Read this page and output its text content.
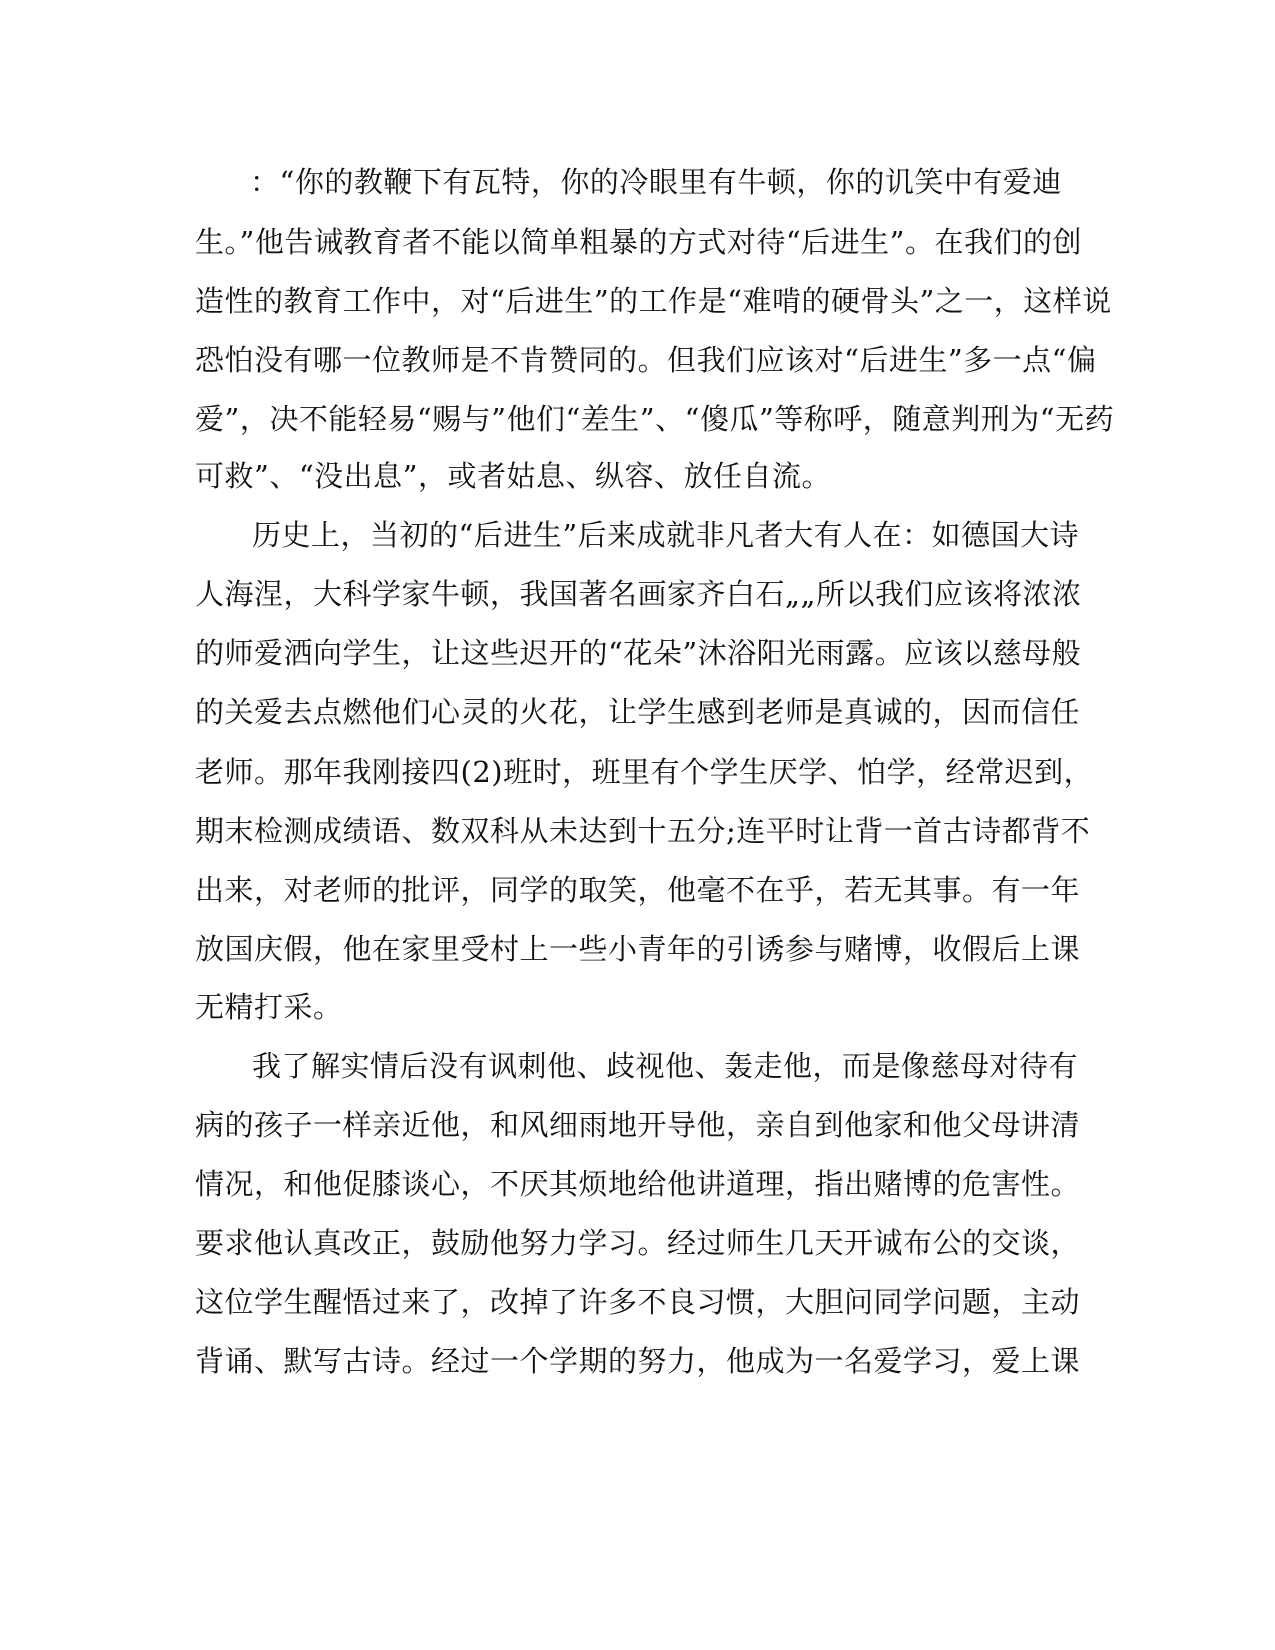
：“你的教鞭下有瓦特，你的冷眼里有牛顿，你的讥笑中有爱迪

生。”他告诫教育者不能以简单粗暴的方式对待“后进生”。在我们的创

造性的教育工作中，对“后进生”的工作是“难啃的硬骨头”之一，这样说

恐怕没有哪一位教师是不肯赞同的。但我们应该对“后进生”多一点“偏

爱”，决不能轻易“赐与”他们“差生”、“傻瓜”等称呼，随意判刑为“无药

可救”、“没出息”，或者姑息、纵容、放任自流。

历史上，当初的“后进生”后来成就非凡者大有人在：如德国大诗

人海涅，大科学家牛顿，我国著名画家齐白石„„所以我们应该将浓浓

的师爱洒向学生，让这些迟开的“花朵”沐浴阳光雨露。应该以慈母般

的关爱去点燃他们心灵的火花，让学生感到老师是真诚的，因而信任

老师。那年我刚接四(2)班时，班里有个学生厌学、怕学，经常迟到，

期末检测成绩语、数双科从未达到十五分;连平时让背一首古诗都背不

出来，对老师的批评，同学的取笑，他毫不在乎，若无其事。有一年

放国庆假，他在家里受村上一些小青年的引诱参与赌博，收假后上课

无精打采。

我了解实情后没有讽刺他、歧视他、轰走他，而是像慈母对待有

病的孩子一样亲近他，和风细雨地开导他，亲自到他家和他父母讲清

情况，和他促膝谈心，不厌其烦地给他讲道理，指出赌博的危害性。

要求他认真改正，鼓励他努力学习。经过师生几天开诚布公的交谈，

这位学生醒悟过来了，改掉了许多不良习惯，大胆问同学问题，主动

背诵、默写古诗。经过一个学期的努力，他成为一名爱学习，爱上课
